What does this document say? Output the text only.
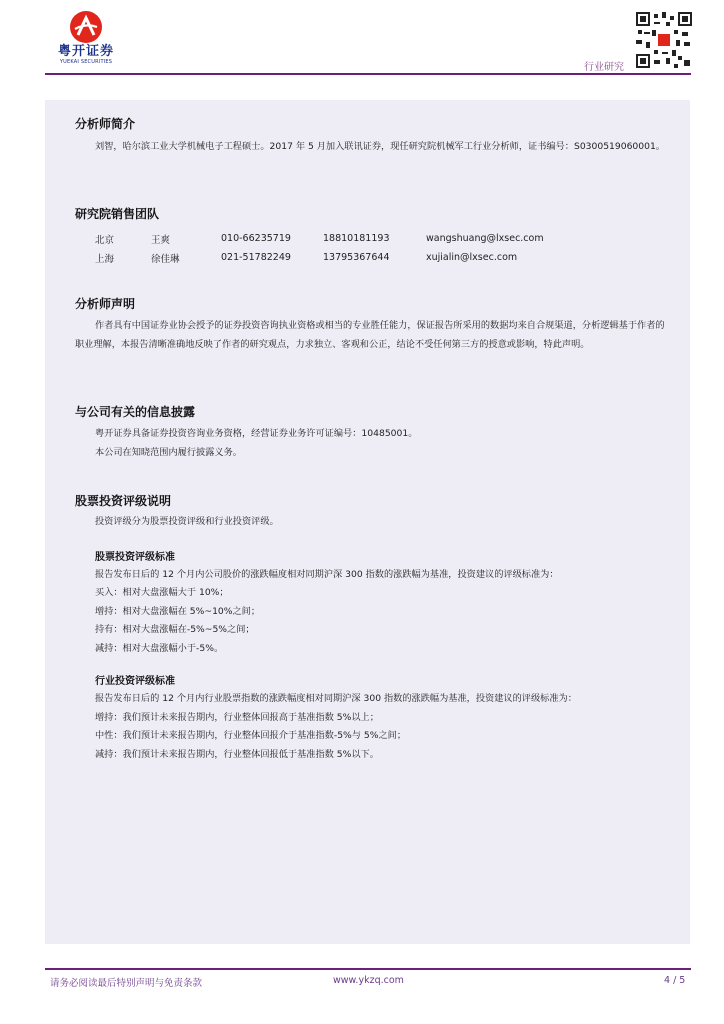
粤开证券
YUEKAI SECURITIES	行业研究
分析师简介
刘智，哈尔滨工业大学机械电子工程硕士。2017 年 5 月加入联讯证券，现任研究院机械军工行业分析师，证书编号：S0300519060001。
研究院销售团队
北京	王爽	010-66235719	18810181193	wangshuang@lxsec.com
上海	徐佳琳	021-51782249	13795367644	xujialin@lxsec.com
分析师声明
作者具有中国证券业协会授予的证券投资咨询执业资格或相当的专业胜任能力，保证报告所采用的数据均来自合规渠道，分析逻辑基于作者的职业理解，本报告清晰准确地反映了作者的研究观点，力求独立、客观和公正，结论不受任何第三方的授意或影响，特此声明。
与公司有关的信息披露
粤开证券具备证券投资咨询业务资格，经营证券业务许可证编号：10485001。
本公司在知晓范围内履行披露义务。
股票投资评级说明
投资评级分为股票投资评级和行业投资评级。
股票投资评级标准
报告发布日后的 12 个月内公司股价的涨跌幅度相对同期沪深 300 指数的涨跌幅为基准，投资建议的评级标准为：
买入：相对大盘涨幅大于 10%；
增持：相对大盘涨幅在 5%~10%之间；
持有：相对大盘涨幅在-5%~5%之间；
减持：相对大盘涨幅小于-5%。
行业投资评级标准
报告发布日后的 12 个月内行业股票指数的涨跌幅度相对同期沪深 300 指数的涨跌幅为基准，投资建议的评级标准为：
增持：我们预计未来报告期内，行业整体回报高于基准指数 5%以上；
中性：我们预计未来报告期内，行业整体回报介于基准指数-5%与 5%之间；
减持：我们预计未来报告期内，行业整体回报低于基准指数 5%以下。
请务必阅读最后特别声明与免责条款	www.ykzq.com	4 / 5
